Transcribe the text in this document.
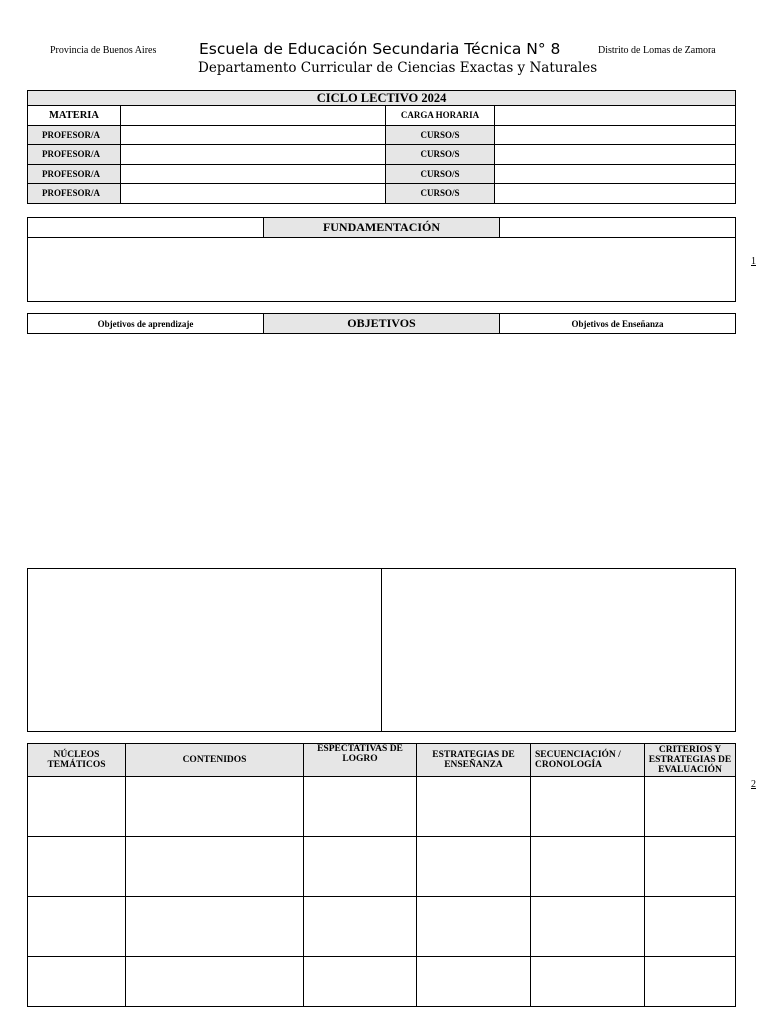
Provincia de Buenos Aires	Escuela de Educación Secundaria Técnica N° 8
Departamento Curricular de Ciencias Exactas y Naturales
Distrito de Lomas de Zamora
CICLO LECTIVO 2024			
MATERIA		CARGA HORARIA	
PROFESOR/A		CURSO/S	
PROFESOR/A		CURSO/S	
PROFESOR/A		CURSO/S	
PROFESOR/A		CURSO/S	
	FUNDAMENTACIÓN	

Objetivos de aprendizaje	OBJETIVOS	Objetivos de Enseñanza

NÚCLEOS TEMÁTICOS	CONTENIDOS	ESPECTATIVAS DE LOGRO	ESTRATEGIAS DE ENSEÑANZA	SECUENCIACIÓN / CRONOLOGÍA	CRITERIOS Y ESTRATEGIAS DE EVALUACIÓN

1
2
